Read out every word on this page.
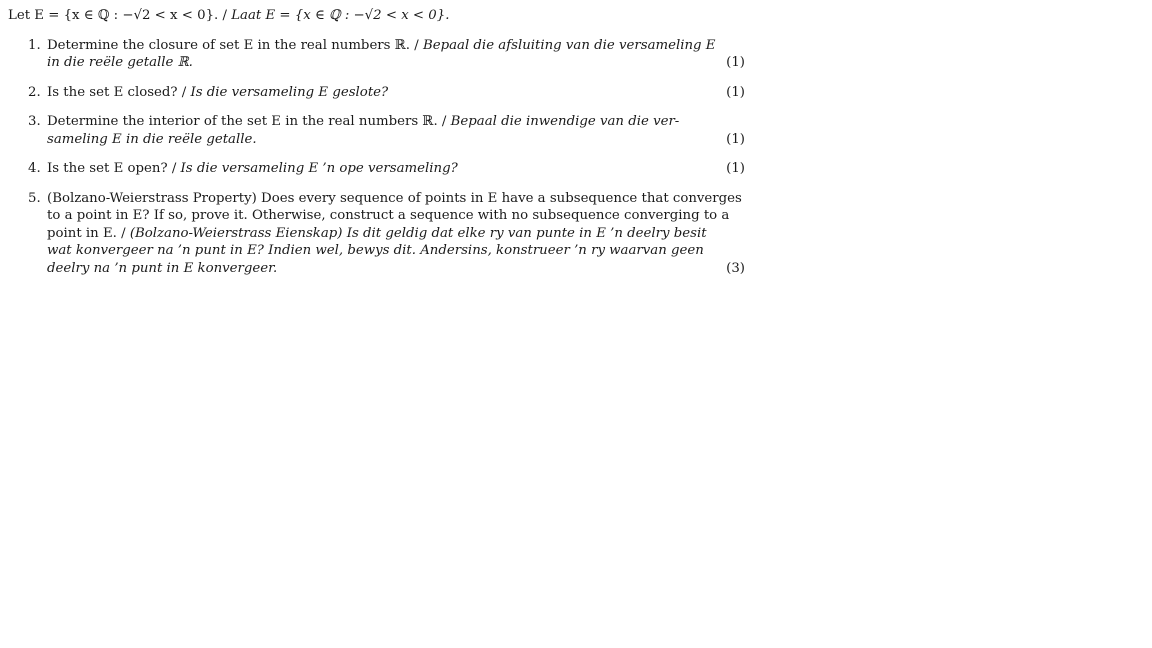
Let E = {x ∈ ℚ : −√2 < x < 0}. / Laat E = {x ∈ ℚ : −√2 < x < 0}.

1. Determine the closure of set E in the real numbers ℝ. / Bepaal die afsluiting van die versameling E
in die reële getalle ℝ.	(1)
2. Is the set E closed? / Is die versameling E geslote?	(1)
3. Determine the interior of the set E in the real numbers ℝ. / Bepaal die inwendige van die ver-
sameling E in die reële getalle.	(1)
4. Is the set E open? / Is die versameling E ’n ope versameling?	(1)
5. (Bolzano-Weierstrass Property) Does every sequence of points in E have a subsequence that converges
to a point in E? If so, prove it. Otherwise, construct a sequence with no subsequence converging to a
point in E. / (Bolzano-Weierstrass Eienskap) Is dit geldig dat elke ry van punte in E ’n deelry besit
wat konvergeer na ’n punt in E? Indien wel, bewys dit. Andersins, konstrueer ’n ry waarvan geen
deelry na ’n punt in E konvergeer.	(3)
